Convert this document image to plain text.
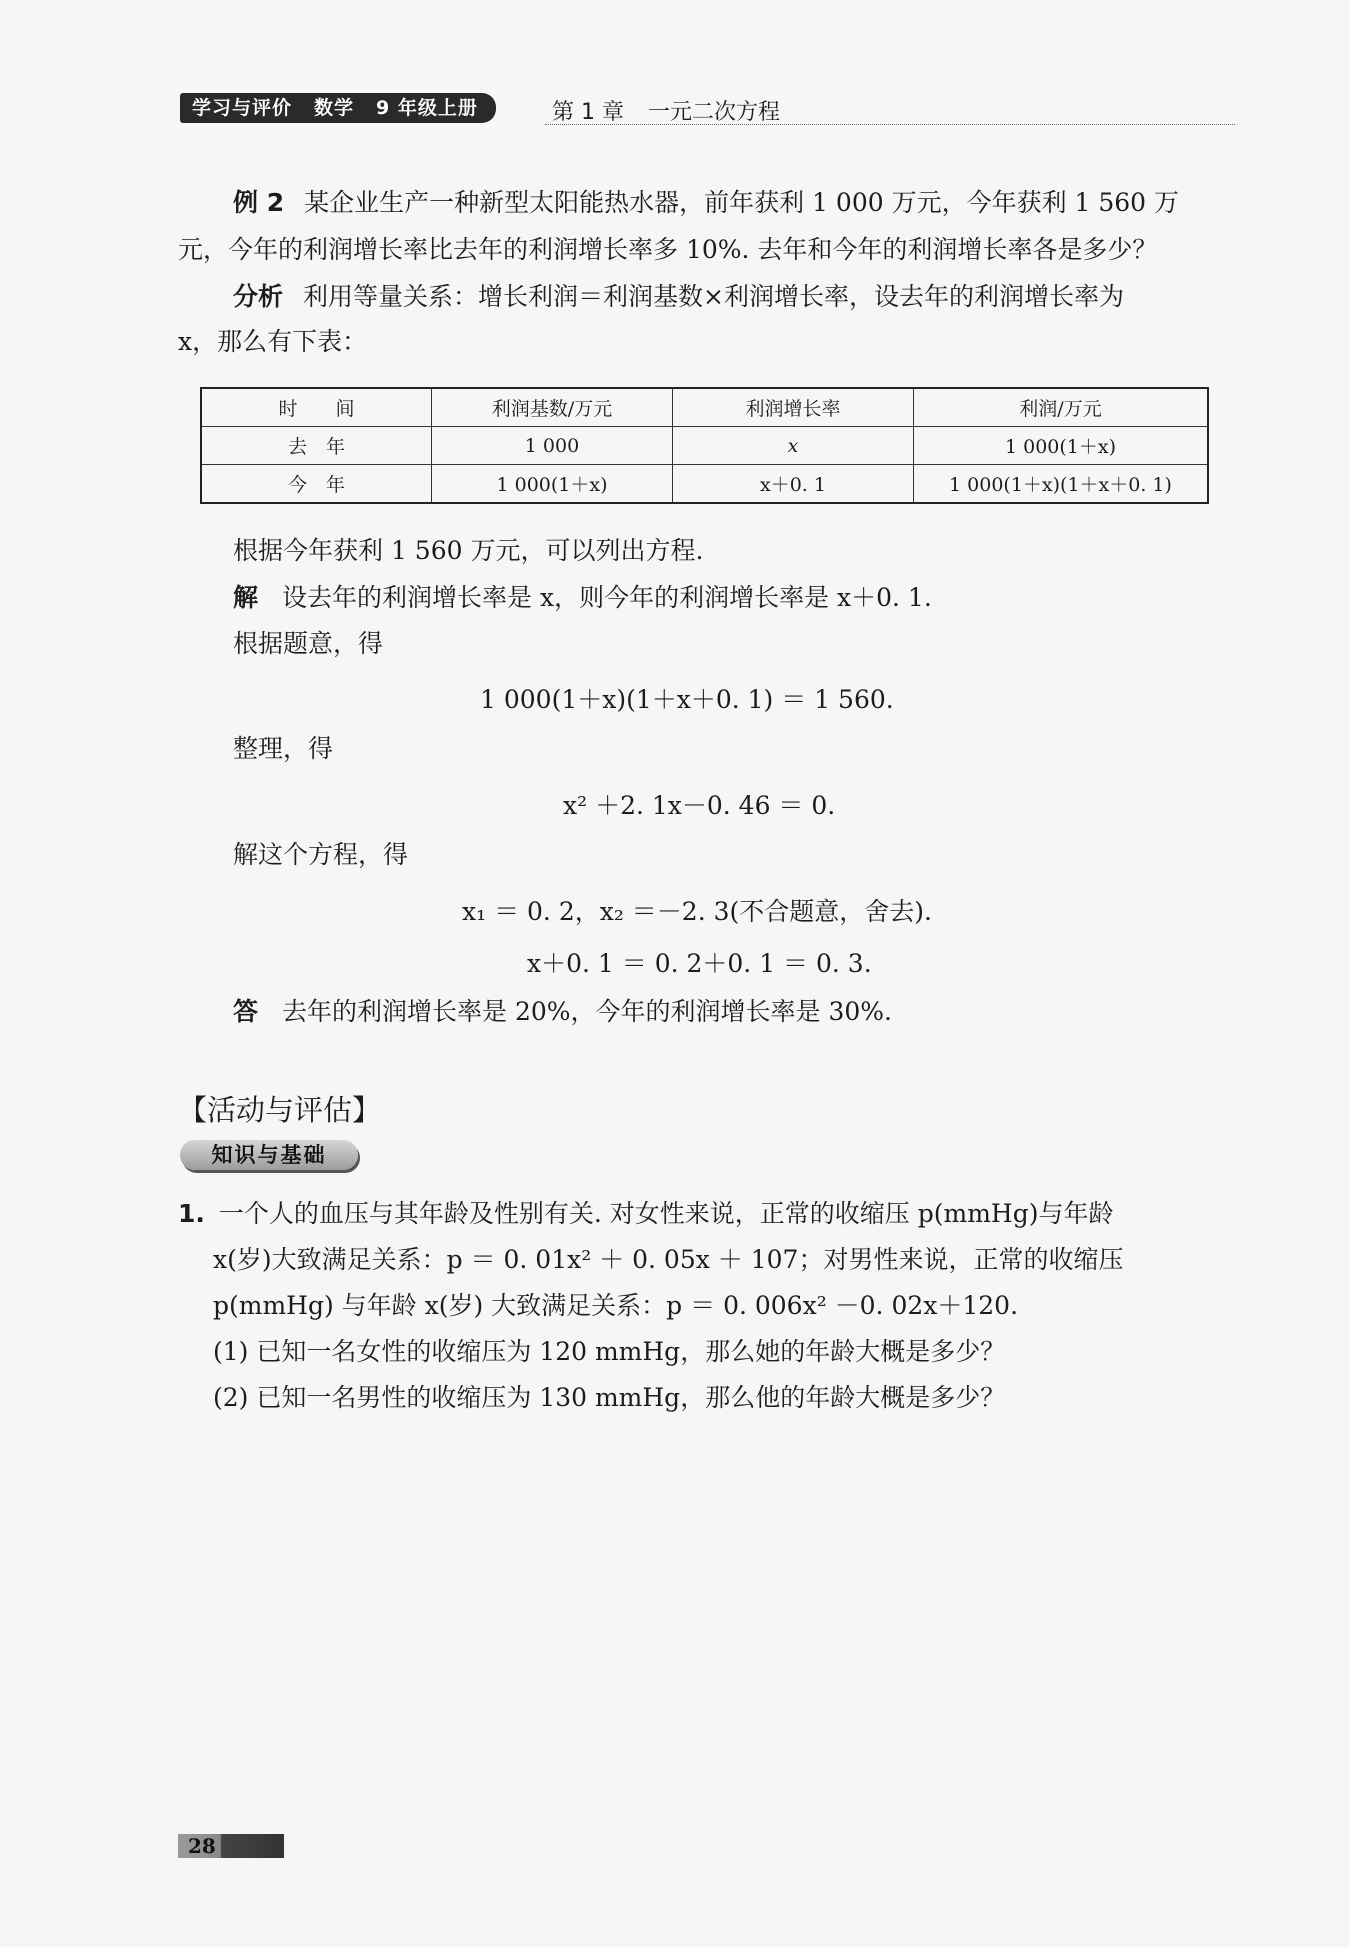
学习与评价 数学 9 年级上册	第 1 章 一元二次方程
例 2 某企业生产一种新型太阳能热水器，前年获利 1 000 万元，今年获利 1 560 万
元，今年的利润增长率比去年的利润增长率多 10%. 去年和今年的利润增长率各是多少？
分析 利用等量关系：增长利润＝利润基数×利润增长率，设去年的利润增长率为
x，那么有下表：
时　　间	利润基数/万元	利润增长率	利润/万元
去　年	1 000	x	1 000(1＋x)
今　年	1 000(1＋x)	x＋0. 1	1 000(1＋x)(1＋x＋0. 1)
根据今年获利 1 560 万元，可以列出方程.
解 设去年的利润增长率是 x，则今年的利润增长率是 x＋0. 1.
根据题意，得
1 000(1＋x)(1＋x＋0. 1) ＝ 1 560.
整理，得
x² ＋2. 1x－0. 46 ＝ 0.
解这个方程，得
x₁ ＝ 0. 2，x₂ ＝－2. 3(不合题意，舍去).
x＋0. 1 ＝ 0. 2＋0. 1 ＝ 0. 3.
答 去年的利润增长率是 20%，今年的利润增长率是 30%.
【活动与评估】
知识与基础
1. 一个人的血压与其年龄及性别有关. 对女性来说，正常的收缩压 p(mmHg)与年龄
x(岁)大致满足关系：p ＝ 0. 01x² ＋ 0. 05x ＋ 107；对男性来说，正常的收缩压
p(mmHg) 与年龄 x(岁) 大致满足关系：p ＝ 0. 006x² －0. 02x＋120.
(1) 已知一名女性的收缩压为 120 mmHg，那么她的年龄大概是多少？
(2) 已知一名男性的收缩压为 130 mmHg，那么他的年龄大概是多少？
28
